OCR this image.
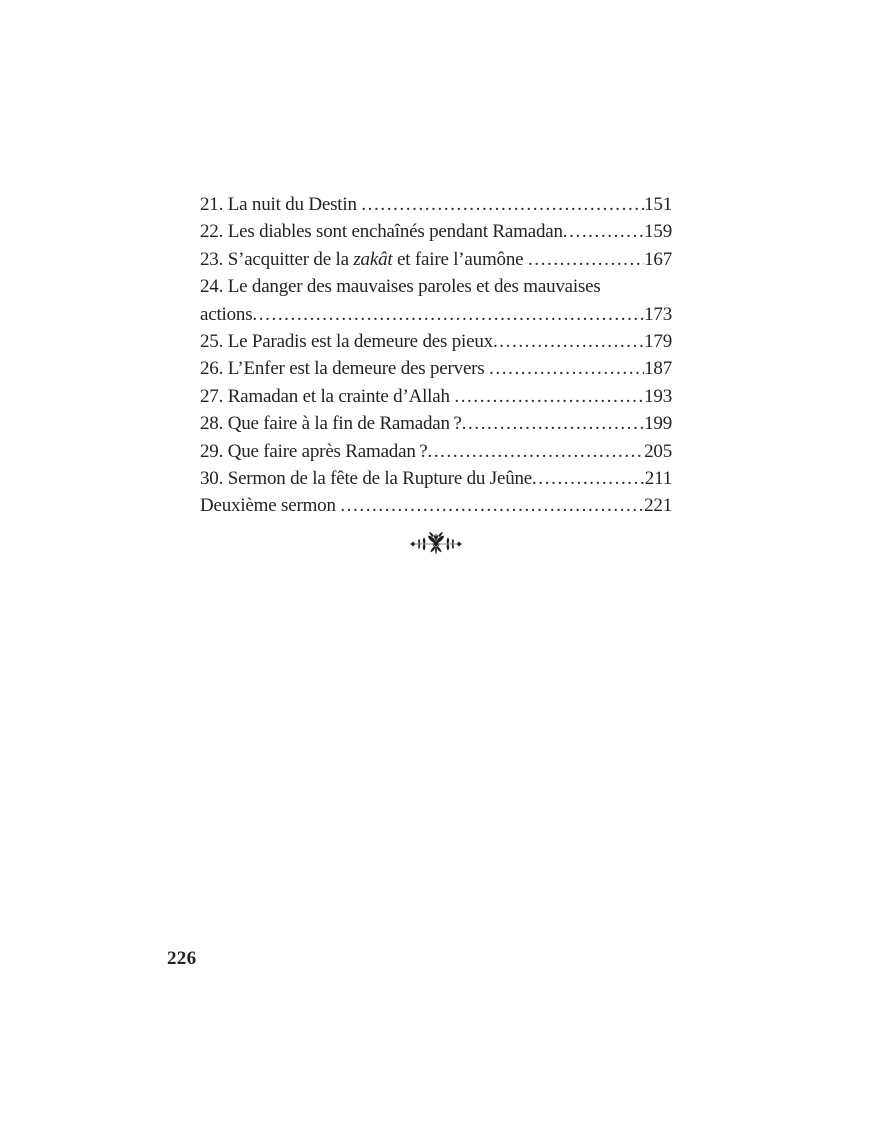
21. La nuit du Destin .....	151
22. Les diables sont enchaînés pendant Ramadan .....	159
23. S’acquitter de la zakât et faire l’aumône .....	167
24. Le danger des mauvaises paroles et des mauvaises
actions .....	173
25. Le Paradis est la demeure des pieux .....	179
26. L’Enfer est la demeure des pervers .....	187
27. Ramadan et la crainte d’Allah .....	193
28. Que faire à la fin de Ramadan ? .....	199
29. Que faire après Ramadan ? .....	205
30. Sermon de la fête de la Rupture du Jeûne .....	211
Deuxième sermon .....	221
226
